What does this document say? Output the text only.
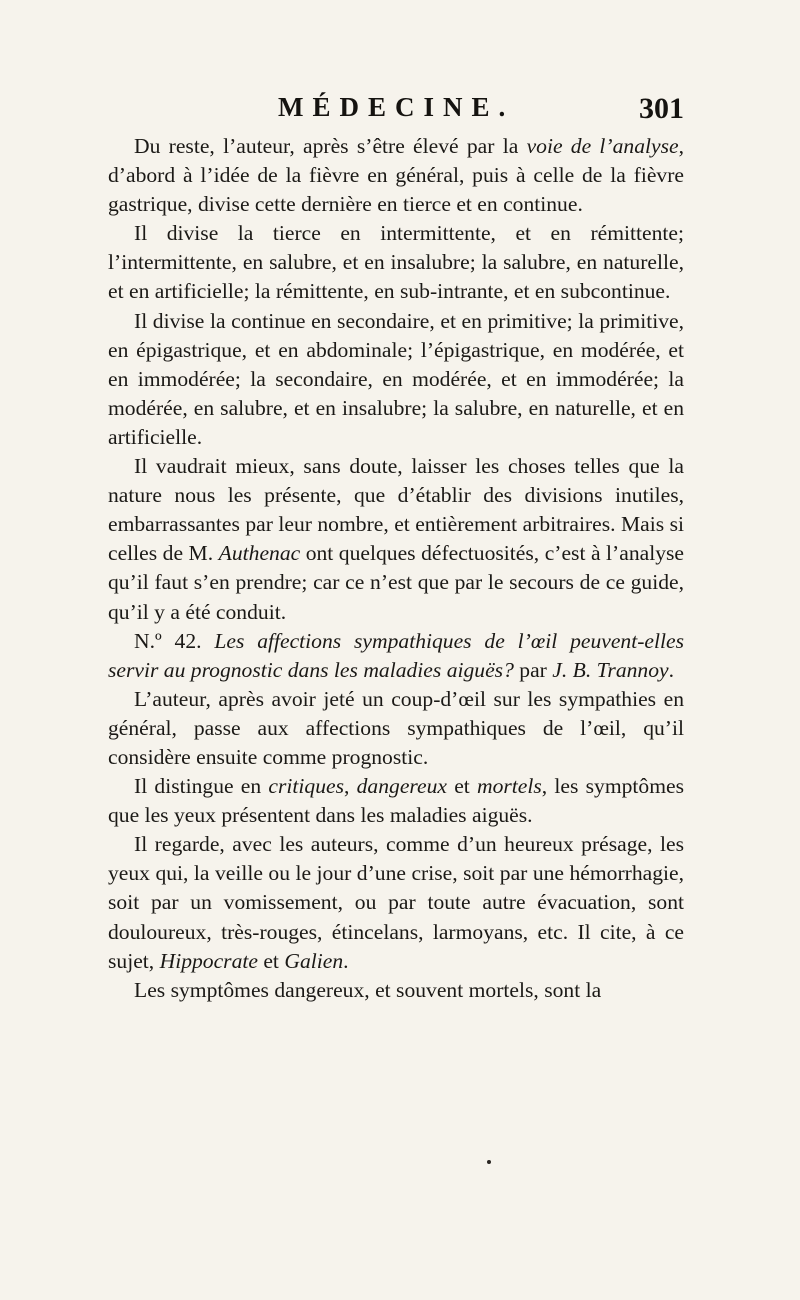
MÉDECINE.	301

Du reste, l’auteur, après s’être élevé par la voie de l’analyse, d’abord à l’idée de la fièvre en général, puis à celle de la fièvre gastrique, divise cette dernière en tierce et en continue.

Il divise la tierce en intermittente, et en rémittente; l’intermittente, en salubre, et en insalubre; la salubre, en naturelle, et en artificielle; la rémittente, en sub-intrante, et en subcontinue.

Il divise la continue en secondaire, et en primitive; la primitive, en épigastrique, et en abdominale; l’épigastrique, en modérée, et en immodérée; la secondaire, en modérée, et en immodérée; la modérée, en salubre, et en insalubre; la salubre, en naturelle, et en artificielle.

Il vaudrait mieux, sans doute, laisser les choses telles que la nature nous les présente, que d’établir des divisions inutiles, embarrassantes par leur nombre, et entièrement arbitraires. Mais si celles de M. Authenac ont quelques défectuosités, c’est à l’analyse qu’il faut s’en prendre; car ce n’est que par le secours de ce guide, qu’il y a été conduit.

N.º 42. Les affections sympathiques de l’œil peuvent-elles servir au prognostic dans les maladies aiguës? par J. B. Trannoy.

L’auteur, après avoir jeté un coup-d’œil sur les sympathies en général, passe aux affections sympathiques de l’œil, qu’il considère ensuite comme prognostic.

Il distingue en critiques, dangereux et mortels, les symptômes que les yeux présentent dans les maladies aiguës.

Il regarde, avec les auteurs, comme d’un heureux présage, les yeux qui, la veille ou le jour d’une crise, soit par une hémorrhagie, soit par un vomissement, ou par toute autre évacuation, sont douloureux, très-rouges, étincelans, larmoyans, etc. Il cite, à ce sujet, Hippocrate et Galien.

Les symptômes dangereux, et souvent mortels, sont la
